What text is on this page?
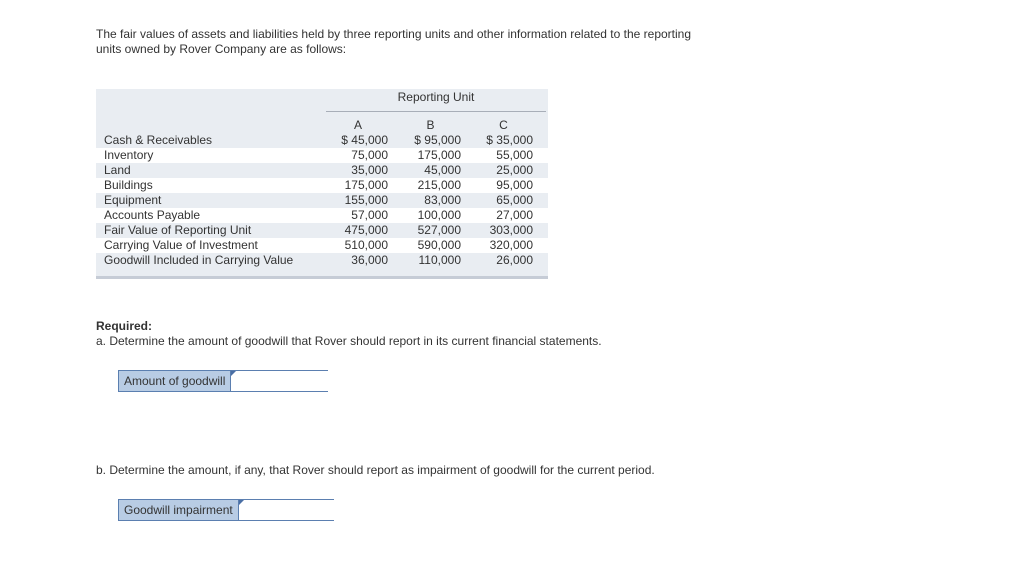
The fair values of assets and liabilities held by three reporting units and other information related to the reporting units owned by Rover Company are as follows:
Reporting Unit
A	B	C
Cash & Receivables	$ 45,000	$ 95,000	$ 35,000
Inventory	75,000	175,000	55,000
Land	35,000	45,000	25,000
Buildings	175,000	215,000	95,000
Equipment	155,000	83,000	65,000
Accounts Payable	57,000	100,000	27,000
Fair Value of Reporting Unit	475,000	527,000	303,000
Carrying Value of Investment	510,000	590,000	320,000
Goodwill Included in Carrying Value	36,000	110,000	26,000
Required:
a. Determine the amount of goodwill that Rover should report in its current financial statements.
Amount of goodwill
b. Determine the amount, if any, that Rover should report as impairment of goodwill for the current period.
Goodwill impairment
